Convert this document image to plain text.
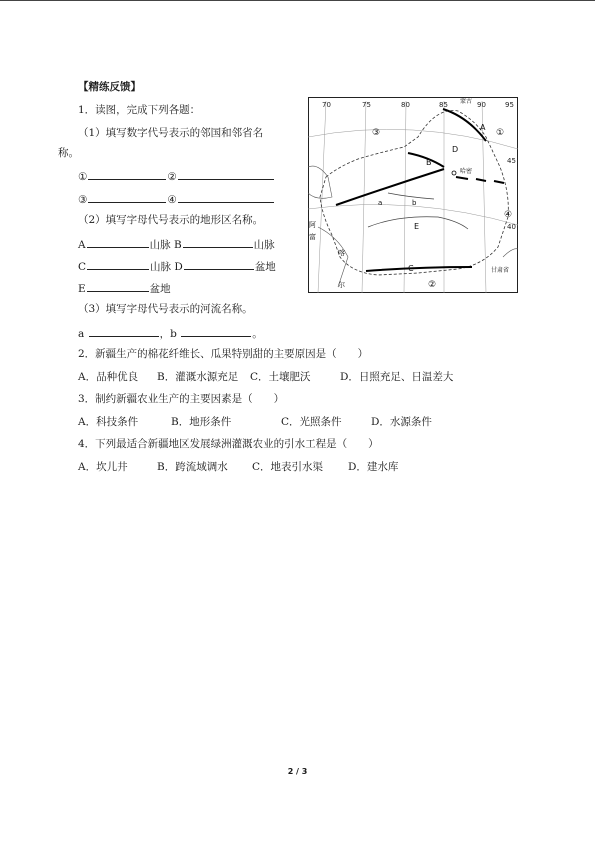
【精练反馈】
1．读图，完成下列各题：
（1）填写数字代号表示的邻国和邻省名
称。
①	②
③	④
（2）填写字母代号表示的地形区名称。
A	山脉 B	山脉
C	山脉 D	盆地
E	盆地
（3）填写字母代号表示的河流名称。
a	，b	。
2．新疆生产的棉花纤维长、瓜果特别甜的主要原因是（　　）
A．品种优良 B．灌溉水源充足 C．土壤肥沃	D．日照充足、日温差大
3．制约新疆农业生产的主要因素是（　　）
A．科技条件	B．地形条件	C．光照条件	D．水源条件
4．下列最适合新疆地区发展绿洲灌溉农业的引水工程是（　　）
A．坎儿井	B．跨流域调水 C．地表引水渠 D．建水库
70	75	80	85	90	95
45
40
③	①
④
②
蒙古
A
B
C
D
E
a	b
甘肃省
阿
富
喀
尔
哈密
2 / 3
